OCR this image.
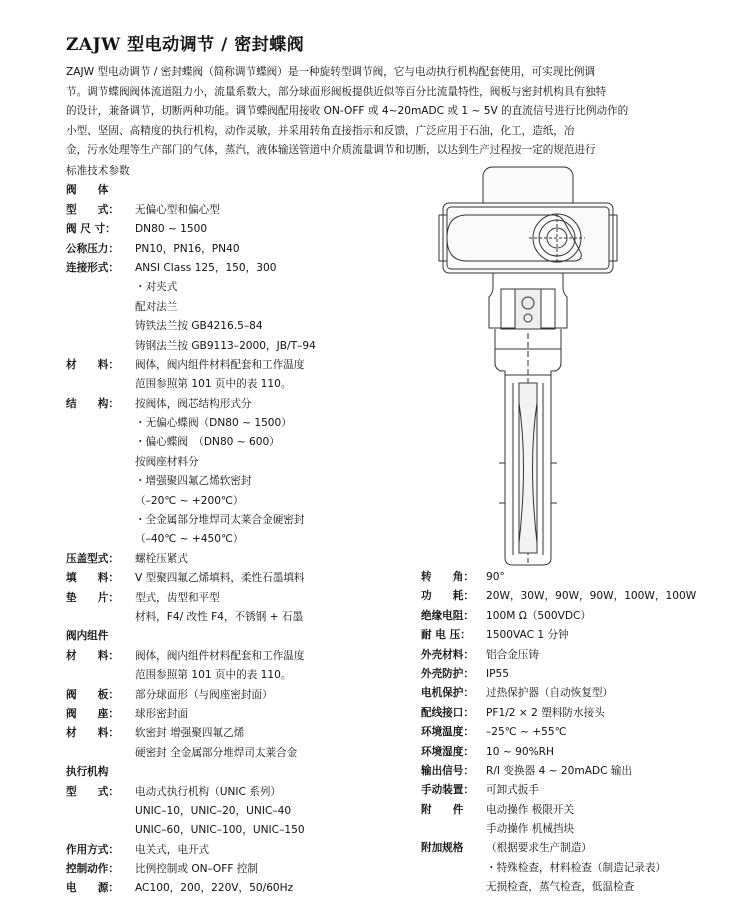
ZAJW 型电动调节 / 密封蝶阀
ZAJW 型电动调节 / 密封蝶阀（简称调节蝶阀）是一种旋转型调节阀，它与电动执行机构配套使用，可实现比例调
节。调节蝶阀阀体流道阻力小，流量系数大，部分球面形阀板提供近似等百分比流量特性，阀板与密封机构具有独特
的设计，兼备调节，切断两种功能。调节蝶阀配用接收 ON-OFF 或 4~20mADC 或 1 ~ 5V 的直流信号进行比例动作的
小型、坚固、高精度的执行机构，动作灵敏，并采用转角直接指示和反馈，广泛应用于石油，化工，造纸，冶
金，污水处理等生产部门的气体，蒸汽，液体输送管道中介质流量调节和切断，以达到生产过程按一定的规范进行
标准技术参数
阀　　体
型　　式： 无偏心型和偏心型
阀 尺 寸： DN80 ~ 1500
公称压力： PN10，PN16，PN40
连接形式： ANSI Class 125，150，300
・对夹式
配对法兰
铸铁法兰按 GB4216.5–84
铸钢法兰按 GB9113–2000，JB/T–94
材　　料： 阀体，阀内组件材料配套和工作温度
范围参照第 101 页中的表 110。
结　　构： 按阀体，阀芯结构形式分
・无偏心蝶阀（DN80 ~ 1500）
・偏心蝶阀　（DN80 ~ 600）
按阀座材料分
・增强聚四氟乙烯软密封
（–20℃ ~ +200℃）
・全金属部分堆焊司太莱合金硬密封
（–40℃ ~ +450℃）
压盖型式： 螺栓压紧式
填　　料： V 型聚四氟乙烯填料，柔性石墨填料
垫　　片： 型式，齿型和平型
材料，F4/ 改性 F4，不锈钢 + 石墨
阀内组件
材　　料： 阀体，阀内组件材料配套和工作温度
范围参照第 101 页中的表 110。
阀　　板： 部分球面形（与阀座密封面）
阀　　座： 球形密封面
材　　料： 软密封 增强聚四氟乙烯
硬密封 全金属部分堆焊司太莱合金
执行机构
型　　式： 电动式执行机构（UNIC 系列）
UNIC–10，UNIC–20，UNIC–40
UNIC–60，UNIC–100，UNIC–150
作用方式： 电关式，电开式
控制动作： 比例控制或 ON–OFF 控制
电　　源： AC100，200，220V，50/60Hz
转　　角： 90°
功　　耗： 20W，30W，90W，90W，100W，100W
绝缘电阻： 100M Ω（500VDC）
耐 电 压： 1500VAC 1 分钟
外壳材料： 铝合金压铸
外壳防护： IP55
电机保护： 过热保护器（自动恢复型）
配线接口： PF1/2 × 2 塑料防水接头
环境温度： –25℃ ~ +55℃
环境湿度： 10 ~ 90%RH
输出信号： R/I 变换器 4 ~ 20mADC 输出
手动装置： 可卸式扳手
附　　件 电动操作 极限开关
手动操作 机械挡块
附加规格 （根据要求生产制造）
・特殊检查，材料检查（制造记录表）
无损检查，蒸气检查，低温检查
